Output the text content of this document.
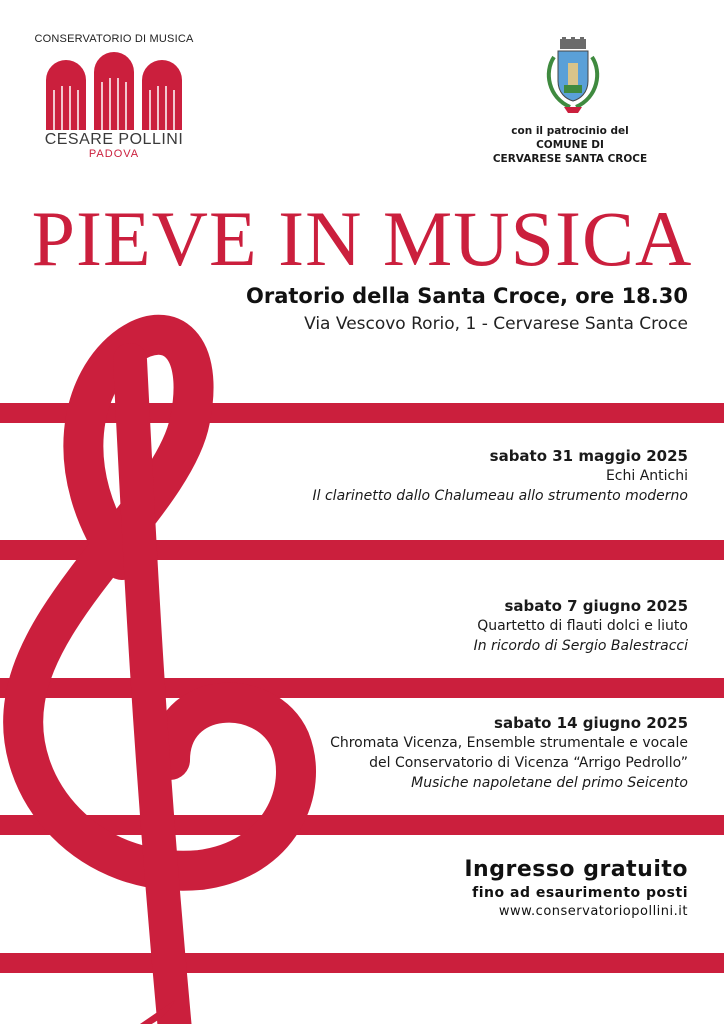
CONSERVATORIO DI MUSICA
CESARE POLLINI
PADOVA
con il patrocinio del
COMUNE DI
CERVARESE SANTA CROCE
PIEVE IN MUSICA
Oratorio della Santa Croce, ore 18.30
Via Vescovo Rorio, 1 - Cervarese Santa Croce
sabato 31 maggio 2025
Echi Antichi
Il clarinetto dallo Chalumeau allo strumento moderno
sabato 7 giugno 2025
Quartetto di flauti dolci e liuto
In ricordo di Sergio Balestracci
sabato 14 giugno 2025
Chromata Vicenza, Ensemble strumentale e vocale
del Conservatorio di Vicenza “Arrigo Pedrollo”
Musiche napoletane del primo Seicento
Ingresso gratuito
fino ad esaurimento posti
www.conservatoriopollini.it
